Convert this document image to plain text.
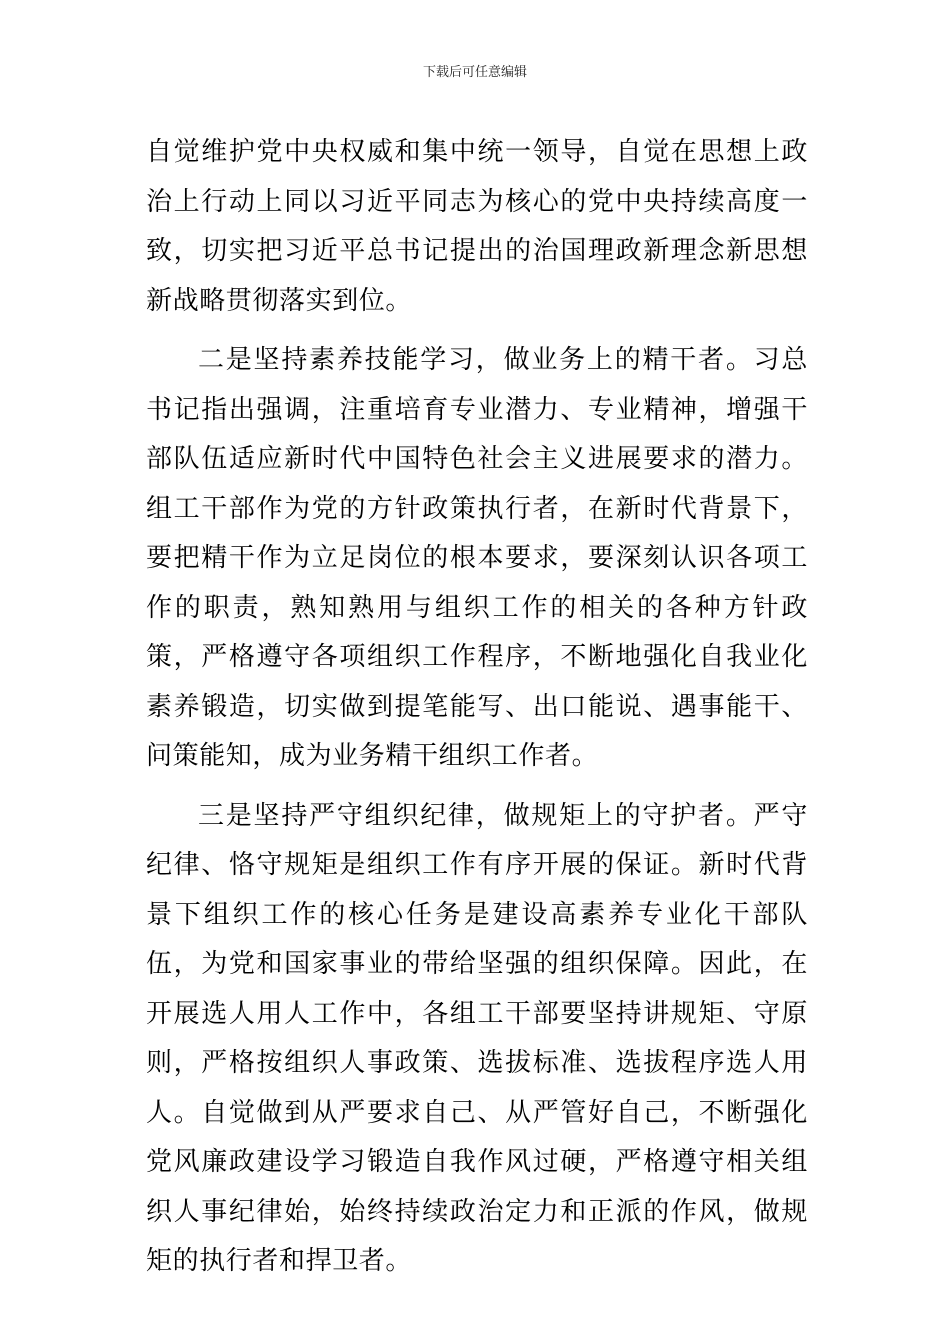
下载后可任意编辑

自觉维护党中央权威和集中统一领导，自觉在思想上政治上行动上同以习近平同志为核心的党中央持续高度一致，切实把习近平总书记提出的治国理政新理念新思想新战略贯彻落实到位。

二是坚持素养技能学习，做业务上的精干者。习总书记指出强调，注重培育专业潜力、专业精神，增强干部队伍适应新时代中国特色社会主义进展要求的潜力。组工干部作为党的方针政策执行者，在新时代背景下，要把精干作为立足岗位的根本要求，要深刻认识各项工作的职责，熟知熟用与组织工作的相关的各种方针政策，严格遵守各项组织工作程序，不断地强化自我业化素养锻造，切实做到提笔能写、出口能说、遇事能干、问策能知，成为业务精干组织工作者。

三是坚持严守组织纪律，做规矩上的守护者。严守纪律、恪守规矩是组织工作有序开展的保证。新时代背景下组织工作的核心任务是建设高素养专业化干部队伍，为党和国家事业的带给坚强的组织保障。因此，在开展选人用人工作中，各组工干部要坚持讲规矩、守原则，严格按组织人事政策、选拔标准、选拔程序选人用人。自觉做到从严要求自己、从严管好自己，不断强化党风廉政建设学习锻造自我作风过硬，严格遵守相关组织人事纪律始，始终持续政治定力和正派的作风，做规矩的执行者和捍卫者。
